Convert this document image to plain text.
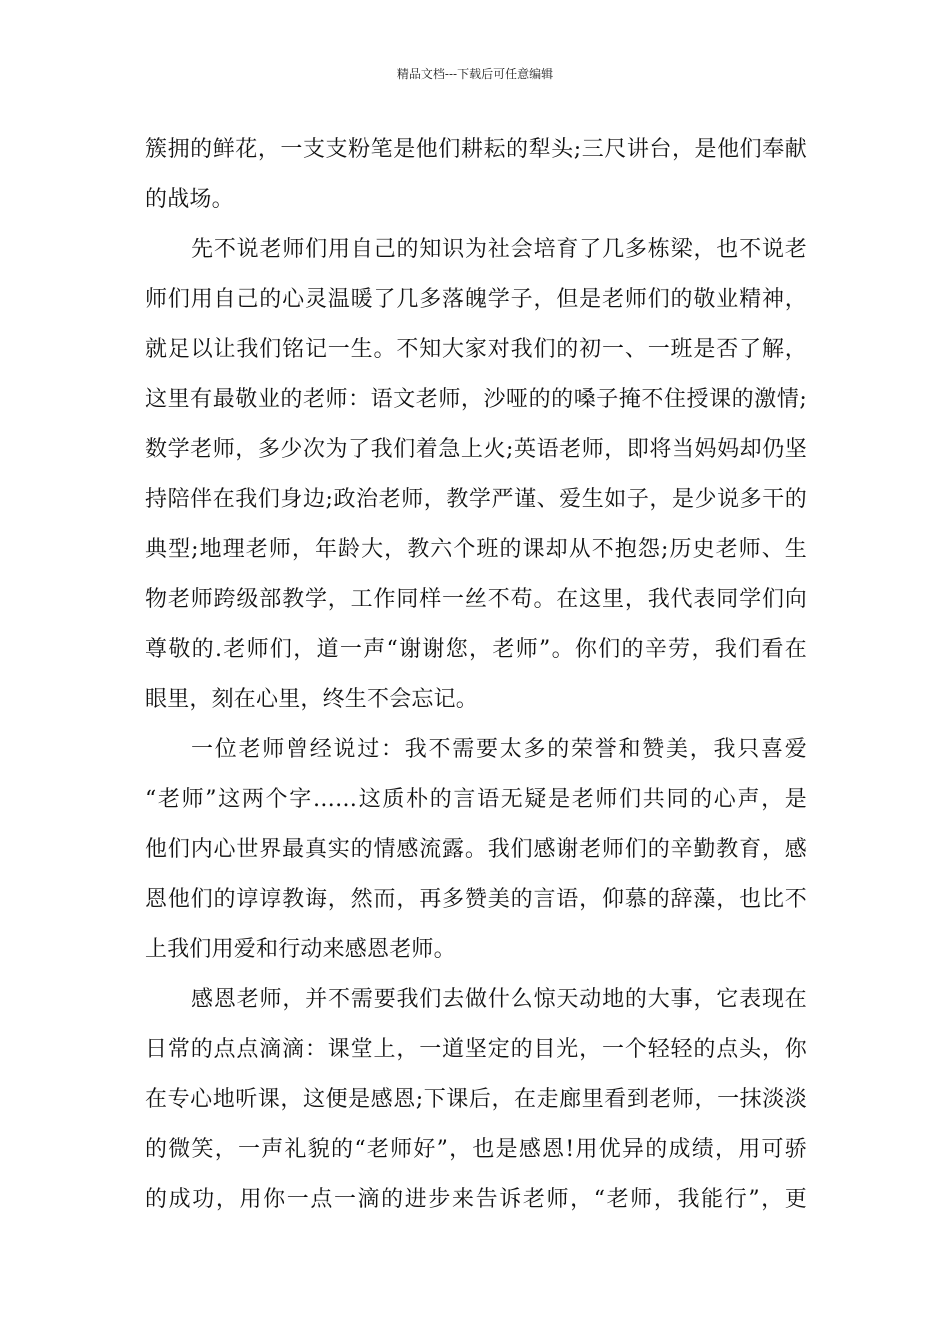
精品文档---下载后可任意编辑
簇拥的鲜花，一支支粉笔是他们耕耘的犁头;三尺讲台，是他们奉献
的战场。
先不说老师们用自己的知识为社会培育了几多栋梁，也不说老
师们用自己的心灵温暖了几多落魄学子，但是老师们的敬业精神，
就足以让我们铭记一生。不知大家对我们的初一、一班是否了解，
这里有最敬业的老师：语文老师，沙哑的的嗓子掩不住授课的激情;
数学老师，多少次为了我们着急上火;英语老师，即将当妈妈却仍坚
持陪伴在我们身边;政治老师，教学严谨、爱生如子，是少说多干的
典型;地理老师，年龄大，教六个班的课却从不抱怨;历史老师、生
物老师跨级部教学，工作同样一丝不苟。在这里，我代表同学们向
尊敬的.老师们，道一声“谢谢您，老师”。你们的辛劳，我们看在
眼里，刻在心里，终生不会忘记。
一位老师曾经说过：我不需要太多的荣誉和赞美，我只喜爱
“老师”这两个字……这质朴的言语无疑是老师们共同的心声，是
他们内心世界最真实的情感流露。我们感谢老师们的辛勤教育，感
恩他们的谆谆教诲，然而，再多赞美的言语，仰慕的辞藻，也比不
上我们用爱和行动来感恩老师。
感恩老师，并不需要我们去做什么惊天动地的大事，它表现在
日常的点点滴滴：课堂上，一道坚定的目光，一个轻轻的点头，你
在专心地听课，这便是感恩;下课后，在走廊里看到老师，一抹淡淡
的微笑，一声礼貌的“老师好”，也是感恩!用优异的成绩，用可骄
的成功，用你一点一滴的进步来告诉老师，“老师，我能行”，更
